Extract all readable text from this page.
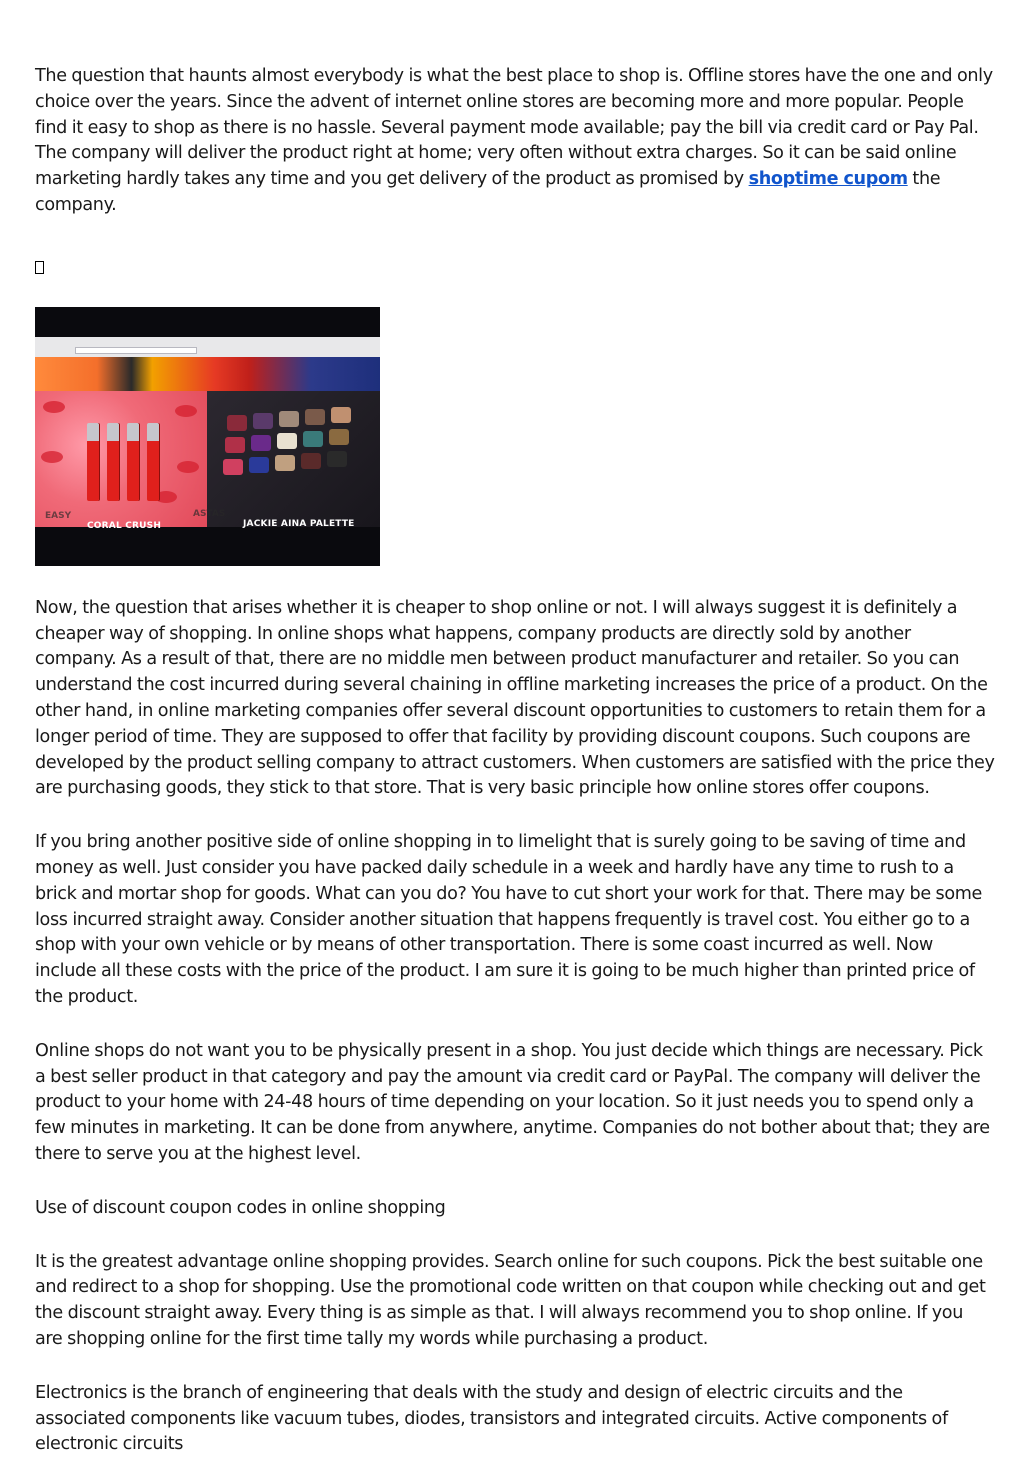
The question that haunts almost everybody is what the best place to shop is. Offline stores have the one and only choice over the years. Since the advent of internet online stores are becoming more and more popular. People find it easy to shop as there is no hassle. Several payment mode available; pay the bill via credit card or Pay Pal. The company will deliver the product right at home; very often without extra charges. So it can be said online marketing hardly takes any time and you get delivery of the product as promised by shoptime cupom the company.

EASY	ASTAS
CORAL CRUSH	JACKIE AINA PALETTE

Now, the question that arises whether it is cheaper to shop online or not. I will always suggest it is definitely a cheaper way of shopping. In online shops what happens, company products are directly sold by another company. As a result of that, there are no middle men between product manufacturer and retailer. So you can understand the cost incurred during several chaining in offline marketing increases the price of a product. On the other hand, in online marketing companies offer several discount opportunities to customers to retain them for a longer period of time. They are supposed to offer that facility by providing discount coupons. Such coupons are developed by the product selling company to attract customers. When customers are satisfied with the price they are purchasing goods, they stick to that store. That is very basic principle how online stores offer coupons.

If you bring another positive side of online shopping in to limelight that is surely going to be saving of time and money as well. Just consider you have packed daily schedule in a week and hardly have any time to rush to a brick and mortar shop for goods. What can you do? You have to cut short your work for that. There may be some loss incurred straight away. Consider another situation that happens frequently is travel cost. You either go to a shop with your own vehicle or by means of other transportation. There is some coast incurred as well. Now include all these costs with the price of the product. I am sure it is going to be much higher than printed price of the product.

Online shops do not want you to be physically present in a shop. You just decide which things are necessary. Pick a best seller product in that category and pay the amount via credit card or PayPal. The company will deliver the product to your home with 24-48 hours of time depending on your location. So it just needs you to spend only a few minutes in marketing. It can be done from anywhere, anytime. Companies do not bother about that; they are there to serve you at the highest level.

Use of discount coupon codes in online shopping

It is the greatest advantage online shopping provides. Search online for such coupons. Pick the best suitable one and redirect to a shop for shopping. Use the promotional code written on that coupon while checking out and get the discount straight away. Every thing is as simple as that. I will always recommend you to shop online. If you are shopping online for the first time tally my words while purchasing a product.

Electronics is the branch of engineering that deals with the study and design of electric circuits and the associated components like vacuum tubes, diodes, transistors and integrated circuits. Active components of electronic circuits
